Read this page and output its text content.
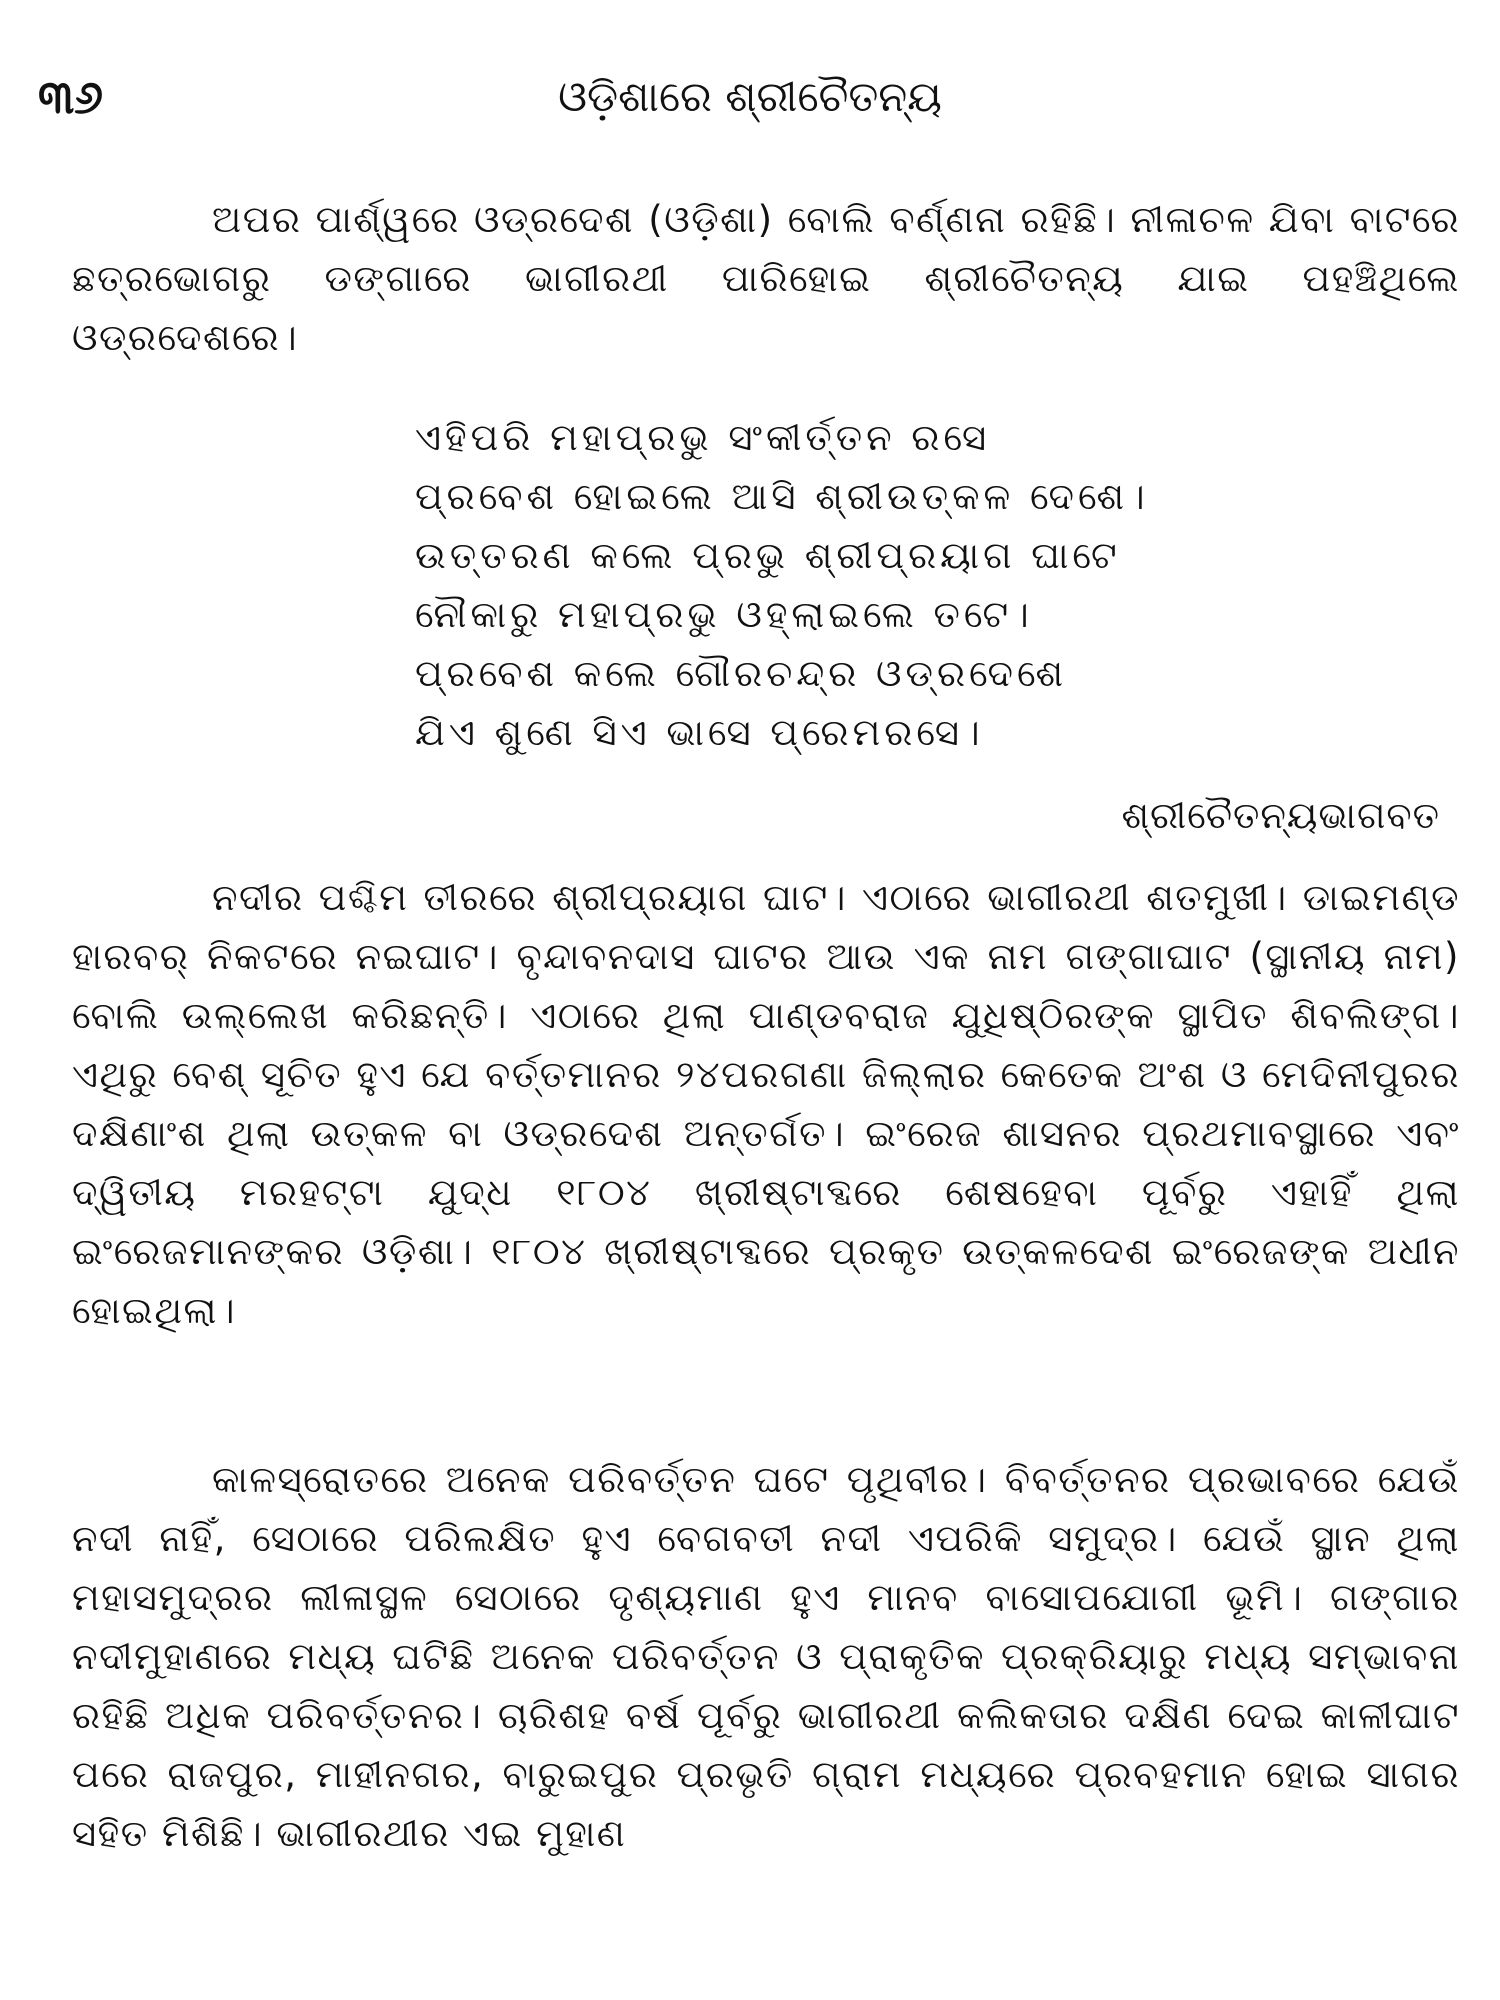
୩୬	ଓଡ଼ିଶାରେ ଶ୍ରୀଚୈତନ୍ୟ

ଅପର ପାର୍ଶ୍ୱରେ ଓଡ୍ରଦେଶ (ଓଡ଼ିଶା) ବୋଲି ବର୍ଣ୍ଣନା ରହିଛି। ନୀଳାଚଳ ଯିବା ବାଟରେ ଛତ୍ରଭୋଗରୁ ଡଙ୍ଗାରେ ଭାଗୀରଥୀ ପାରିହୋଇ ଶ୍ରୀଚୈତନ୍ୟ ଯାଇ ପହଞ୍ଚିଥିଲେ ଓଡ୍ରଦେଶରେ।

ଏହିପରି ମହାପ୍ରଭୁ ସଂକୀର୍ତ୍ତନ ରସେ
ପ୍ରବେଶ ହୋଇଲେ ଆସି ଶ୍ରୀଉତ୍କଳ ଦେଶେ।
ଉତ୍ତରଣ କଲେ ପ୍ରଭୁ ଶ୍ରୀପ୍ରୟାଗ ଘାଟେ
ନୌକାରୁ ମହାପ୍ରଭୁ ଓହ୍ଲାଇଲେ ତଟେ।
ପ୍ରବେଶ କଲେ ଗୌରଚନ୍ଦ୍ର ଓଡ୍ରଦେଶେ
ଯିଏ ଶୁଣେ ସିଏ ଭାସେ ପ୍ରେମରସେ।
ଶ୍ରୀଚୈତନ୍ୟଭାଗବତ

ନଦୀର ପଶ୍ଚିମ ତୀରରେ ଶ୍ରୀପ୍ରୟାଗ ଘାଟ। ଏଠାରେ ଭାଗୀରଥୀ ଶତମୁଖୀ। ଡାଇମଣ୍ଡ ହାରବର୍ ନିକଟରେ ନଇଘାଟ। ବୃନ୍ଦାବନଦାସ ଘାଟର ଆଉ ଏକ ନାମ ଗଙ୍ଗାଘାଟ (ସ୍ଥାନୀୟ ନାମ) ବୋଲି ଉଲ୍ଲେଖ କରିଛନ୍ତି। ଏଠାରେ ଥିଲା ପାଣ୍ଡବରାଜ ଯୁଧିଷ୍ଠିରଙ୍କ ସ୍ଥାପିତ ଶିବଲିଙ୍ଗ। ଏଥିରୁ ବେଶ୍ ସୂଚିତ ହୁଏ ଯେ ବର୍ତ୍ତମାନର ୨୪ପରଗଣା ଜିଲ୍ଲାର କେତେକ ଅଂଶ ଓ ମେଦିନୀପୁରର ଦକ୍ଷିଣାଂଶ ଥିଲା ଉତ୍କଳ ବା ଓଡ୍ରଦେଶ ଅନ୍ତର୍ଗତ। ଇଂରେଜ ଶାସନର ପ୍ରଥମାବସ୍ଥାରେ ଏବଂ ଦ୍ୱିତୀୟ ମରହଟ୍ଟା ଯୁଦ୍ଧ ୧୮୦୪ ଖ୍ରୀଷ୍ଟାବ୍ଦରେ ଶେଷହେବା ପୂର୍ବରୁ ଏହାହିଁ ଥିଲା ଇଂରେଜମାନଙ୍କର ଓଡ଼ିଶା। ୧୮୦୪ ଖ୍ରୀଷ୍ଟାବ୍ଦରେ ପ୍ରକୃତ ଉତ୍କଳଦେଶ ଇଂରେଜଙ୍କ ଅଧୀନ ହୋଇଥିଲା।

କାଳସ୍ରୋତରେ ଅନେକ ପରିବର୍ତ୍ତନ ଘଟେ ପୃଥିବୀର। ବିବର୍ତ୍ତନର ପ୍ରଭାବରେ ଯେଉଁ ନଦୀ ନାହିଁ, ସେଠାରେ ପରିଲକ୍ଷିତ ହୁଏ ବେଗବତୀ ନଦୀ ଏପରିକି ସମୁଦ୍ର। ଯେଉଁ ସ୍ଥାନ ଥିଲା ମହାସମୁଦ୍ରର ଲୀଳାସ୍ଥଳ ସେଠାରେ ଦୃଶ୍ୟମାଣ ହୁଏ ମାନବ ବାସୋପଯୋଗୀ ଭୂମି। ଗଙ୍ଗାର ନଦୀମୁହାଣରେ ମଧ୍ୟ ଘଟିଛି ଅନେକ ପରିବର୍ତ୍ତନ ଓ ପ୍ରାକୃତିକ ପ୍ରକ୍ରିୟାରୁ ମଧ୍ୟ ସମ୍ଭାବନା ରହିଛି ଅଧିକ ପରିବର୍ତ୍ତନର। ଚାରିଶହ ବର୍ଷ ପୂର୍ବରୁ ଭାଗୀରଥୀ କଲିକତାର ଦକ୍ଷିଣ ଦେଇ କାଳୀଘାଟ ପରେ ରାଜପୁର, ମାହୀନଗର, ବାରୁଇପୁର ପ୍ରଭୃତି ଗ୍ରାମ ମଧ୍ୟରେ ପ୍ରବହମାନ ହୋଇ ସାଗର ସହିତ ମିଶିଛି। ଭାଗୀରଥୀର ଏଇ ମୁହାଣ
